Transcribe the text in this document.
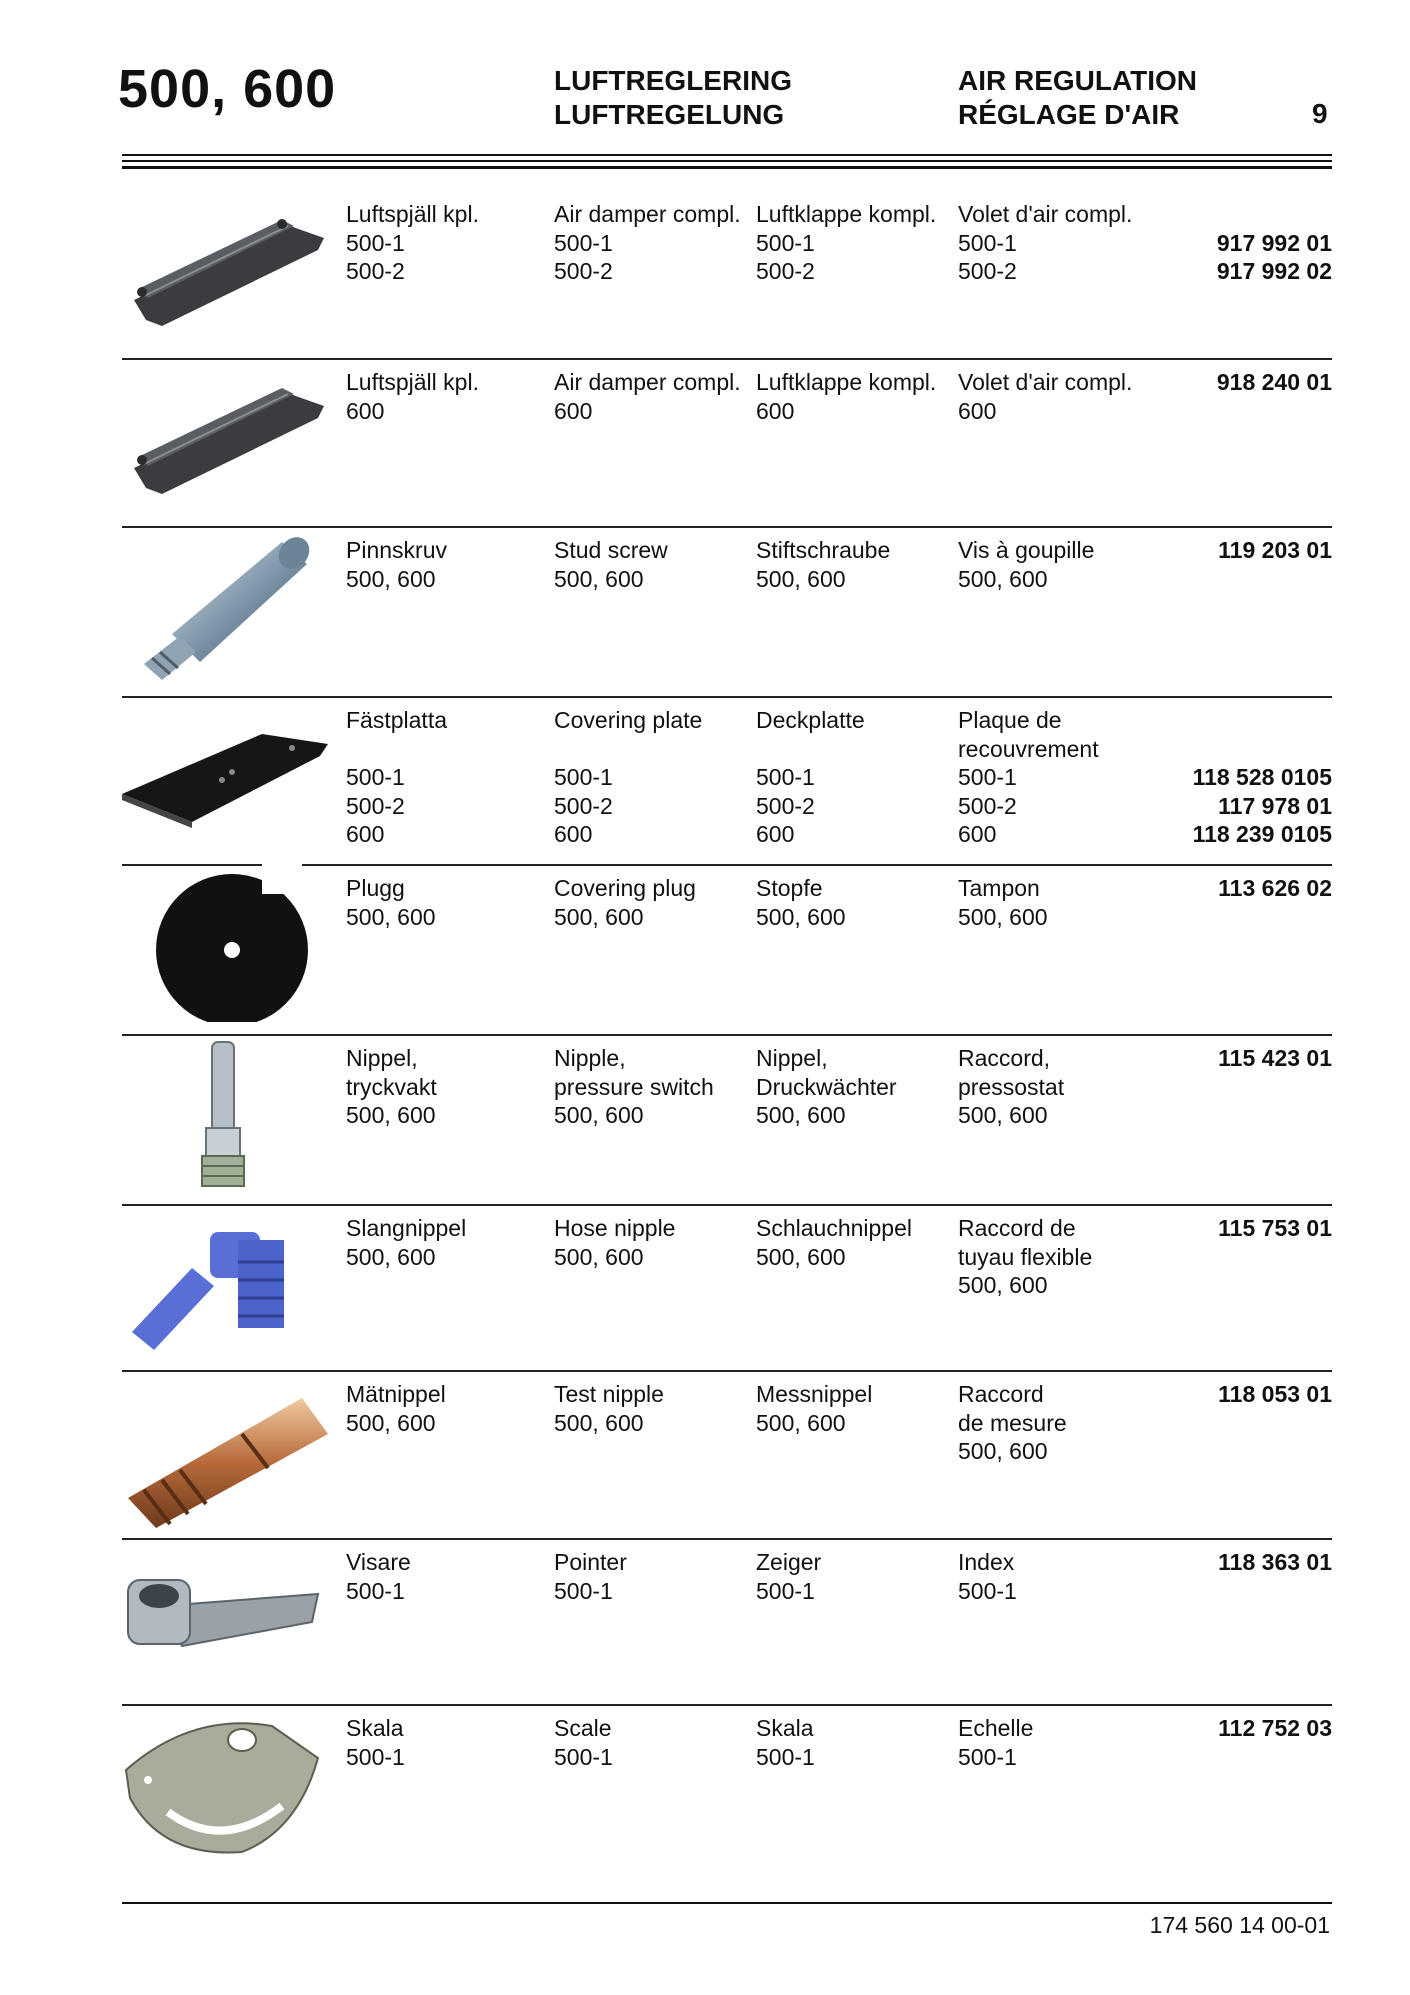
500, 600	LUFTREGLERING
LUFTREGELUNG
AIR REGULATION
RÉGLAGE D'AIR	9
Luftspjäll kpl.
500-1
500-2
Air damper compl.
500-1
500-2
Luftklappe kompl.
500-1
500-2
Volet d'air compl.
500-1
500-2

917 992 01
917 992 02
Luftspjäll kpl.
600
Air damper compl.
600
Luftklappe kompl.
600
Volet d'air compl.
600
918 240 01
Pinnskruv
500, 600
Stud screw
500, 600
Stiftschraube
500, 600
Vis à goupille
500, 600
119 203 01
Fästplatta

500-1
500-2
600
Covering plate

500-1
500-2
600
Deckplatte

500-1
500-2
600
Plaque de
recouvrement
500-1
500-2
600

118 528 0105
117 978 01
118 239 0105
Plugg
500, 600
Covering plug
500, 600
Stopfe
500, 600
Tampon
500, 600
113 626 02
Nippel,
tryckvakt
500, 600
Nipple,
pressure switch
500, 600
Nippel,
Druckwächter
500, 600
Raccord,
pressostat
500, 600
115 423 01
Slangnippel
500, 600
Hose nipple
500, 600
Schlauchnippel
500, 600
Raccord de
tuyau flexible
500, 600
115 753 01
Mätnippel
500, 600
Test nipple
500, 600
Messnippel
500, 600
Raccord
de mesure
500, 600
118 053 01
Visare
500-1
Pointer
500-1
Zeiger
500-1
Index
500-1
118 363 01
Skala
500-1
Scale
500-1
Skala
500-1
Echelle
500-1
112 752 03
174 560 14 00-01
